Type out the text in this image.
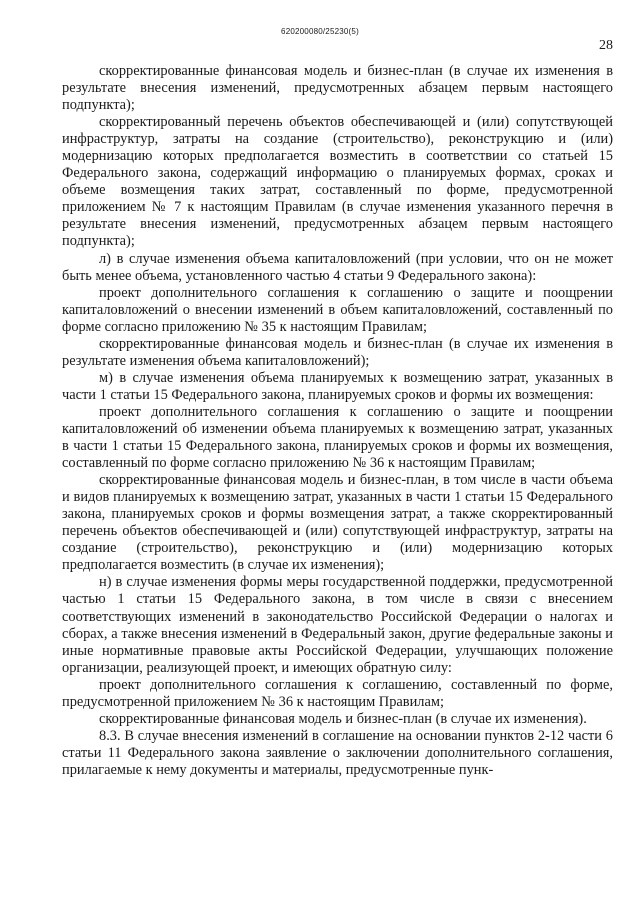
620200080/25230(5)
28

скорректированные финансовая модель и бизнес-план (в случае их изменения в результате внесения изменений, предусмотренных абзацем первым настоящего подпункта);

скорректированный перечень объектов обеспечивающей и (или) сопутствующей инфраструктур, затраты на создание (строительство), реконструкцию и (или) модернизацию которых предполагается возместить в соответствии со статьей 15 Федерального закона, содержащий информацию о планируемых формах, сроках и объеме возмещения таких затрат, составленный по форме, предусмотренной приложением № 7 к настоящим Правилам (в случае изменения указанного перечня в результате внесения изменений, предусмотренных абзацем первым настоящего подпункта);

л) в случае изменения объема капиталовложений (при условии, что он не может быть менее объема, установленного частью 4 статьи 9 Федерального закона):

проект дополнительного соглашения к соглашению о защите и поощрении капиталовложений о внесении изменений в объем капиталовложений, составленный по форме согласно приложению № 35 к настоящим Правилам;

скорректированные финансовая модель и бизнес-план (в случае их изменения в результате изменения объема капиталовложений);

м) в случае изменения объема планируемых к возмещению затрат, указанных в части 1 статьи 15 Федерального закона, планируемых сроков и формы их возмещения:

проект дополнительного соглашения к соглашению о защите и поощрении капиталовложений об изменении объема планируемых к возмещению затрат, указанных в части 1 статьи 15 Федерального закона, планируемых сроков и формы их возмещения, составленный по форме согласно приложению № 36 к настоящим Правилам;

скорректированные финансовая модель и бизнес-план, в том числе в части объема и видов планируемых к возмещению затрат, указанных в части 1 статьи 15 Федерального закона, планируемых сроков и формы возмещения затрат, а также скорректированный перечень объектов обеспечивающей и (или) сопутствующей инфраструктур, затраты на создание (строительство), реконструкцию и (или) модернизацию которых предполагается возместить (в случае их изменения);

н) в случае изменения формы меры государственной поддержки, предусмотренной частью 1 статьи 15 Федерального закона, в том числе в связи с внесением соответствующих изменений в законодательство Российской Федерации о налогах и сборах, а также внесения изменений в Федеральный закон, другие федеральные законы и иные нормативные правовые акты Российской Федерации, улучшающих положение организации, реализующей проект, и имеющих обратную силу:

проект дополнительного соглашения к соглашению, составленный по форме, предусмотренной приложением № 36 к настоящим Правилам;

скорректированные финансовая модель и бизнес-план (в случае их изменения).

8.3. В случае внесения изменений в соглашение на основании пунктов 2-12 части 6 статьи 11 Федерального закона заявление о заключении дополнительного соглашения, прилагаемые к нему документы и материалы, предусмотренные пунк-
